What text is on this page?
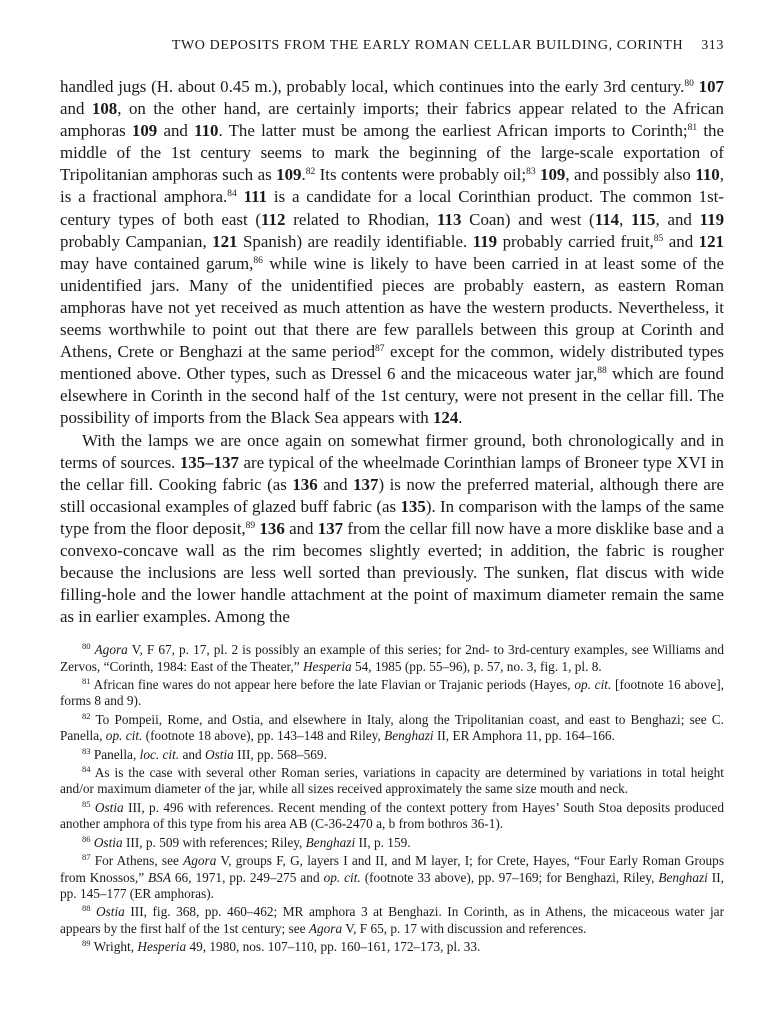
TWO DEPOSITS FROM THE EARLY ROMAN CELLAR BUILDING, CORINTH 313

handled jugs (H. about 0.45 m.), probably local, which continues into the early 3rd century.$^{80}$ 107 and 108, on the other hand, are certainly imports; their fabrics appear related to the African amphoras 109 and 110. The latter must be among the earliest African imports to Corinth;$^{81}$ the middle of the 1st century seems to mark the beginning of the large-scale exportation of Tripolitanian amphoras such as 109.82 Its contents were probably oil;$^{83}$ 109, and possibly also 110, is a fractional amphora.$^{84}$ 111 is a candidate for a local Corinthian product. The common 1st-century types of both east (112 related to Rhodian, 113 Coan) and west (114, 115, and 119 probably Campanian, 121 Spanish) are readily identifiable. 119 probably carried fruit,$^{85}$ and 121 may have contained garum,$^{86}$ while wine is likely to have been carried in at least some of the unidentified jars. Many of the unidentified pieces are probably eastern, as eastern Roman amphoras have not yet received as much attention as have the western products. Nevertheless, it seems worthwhile to point out that there are few parallels between this group at Corinth and Athens, Crete or Benghazi at the same period$^{87}$ except for the common, widely distributed types mentioned above. Other types, such as Dressel 6 and the micaceous water jar,$^{88}$ which are found elsewhere in Corinth in the second half of the 1st century, were not present in the cellar fill. The possibility of imports from the Black Sea appears with 124.

With the lamps we are once again on somewhat firmer ground, both chronologically and in terms of sources. 135–137 are typical of the wheelmade Corinthian lamps of Broneer type XVI in the cellar fill. Cooking fabric (as 136 and 137) is now the preferred material, although there are still occasional examples of glazed buff fabric (as 135). In comparison with the lamps of the same type from the floor deposit,$^{89}$ 136 and 137 from the cellar fill now have a more disklike base and a convexo-concave wall as the rim becomes slightly everted; in addition, the fabric is rougher because the inclusions are less well sorted than previously. The sunken, flat discus with wide filling-hole and the lower handle attachment at the point of maximum diameter remain the same as in earlier examples. Among the

$^{80}$ Agora V, F 67, p. 17, pl. 2 is possibly an example of this series; for 2nd- to 3rd-century examples, see Williams and Zervos, “Corinth, 1984: East of the Theater,” Hesperia 54, 1985 (pp. 55–96), p. 57, no. 3, fig. 1, pl. 8.

$^{81}$ African fine wares do not appear here before the late Flavian or Trajanic periods (Hayes, op. cit. [footnote 16 above], forms 8 and 9).

$^{82}$ To Pompeii, Rome, and Ostia, and elsewhere in Italy, along the Tripolitanian coast, and east to Benghazi; see C. Panella, op. cit. (footnote 18 above), pp. 143–148 and Riley, Benghazi II, ER Amphora 11, pp. 164–166.

$^{83}$ Panella, loc. cit. and Ostia III, pp. 568–569.

$^{84}$ As is the case with several other Roman series, variations in capacity are determined by variations in total height and/or maximum diameter of the jar, while all sizes received approximately the same size mouth and neck.

$^{85}$ Ostia III, p. 496 with references. Recent mending of the context pottery from Hayes’ South Stoa deposits produced another amphora of this type from his area AB (C-36-2470 a, b from bothros 36-1).

$^{86}$ Ostia III, p. 509 with references; Riley, Benghazi II, p. 159.

$^{87}$ For Athens, see Agora V, groups F, G, layers I and II, and M layer, I; for Crete, Hayes, “Four Early Roman Groups from Knossos,” BSA 66, 1971, pp. 249–275 and op. cit. (footnote 33 above), pp. 97–169; for Benghazi, Riley, Benghazi II, pp. 145–177 (ER amphoras).

$^{88}$ Ostia III, fig. 368, pp. 460–462; MR amphora 3 at Benghazi. In Corinth, as in Athens, the micaceous water jar appears by the first half of the 1st century; see Agora V, F 65, p. 17 with discussion and references.

$^{89}$ Wright, Hesperia 49, 1980, nos. 107–110, pp. 160–161, 172–173, pl. 33.
